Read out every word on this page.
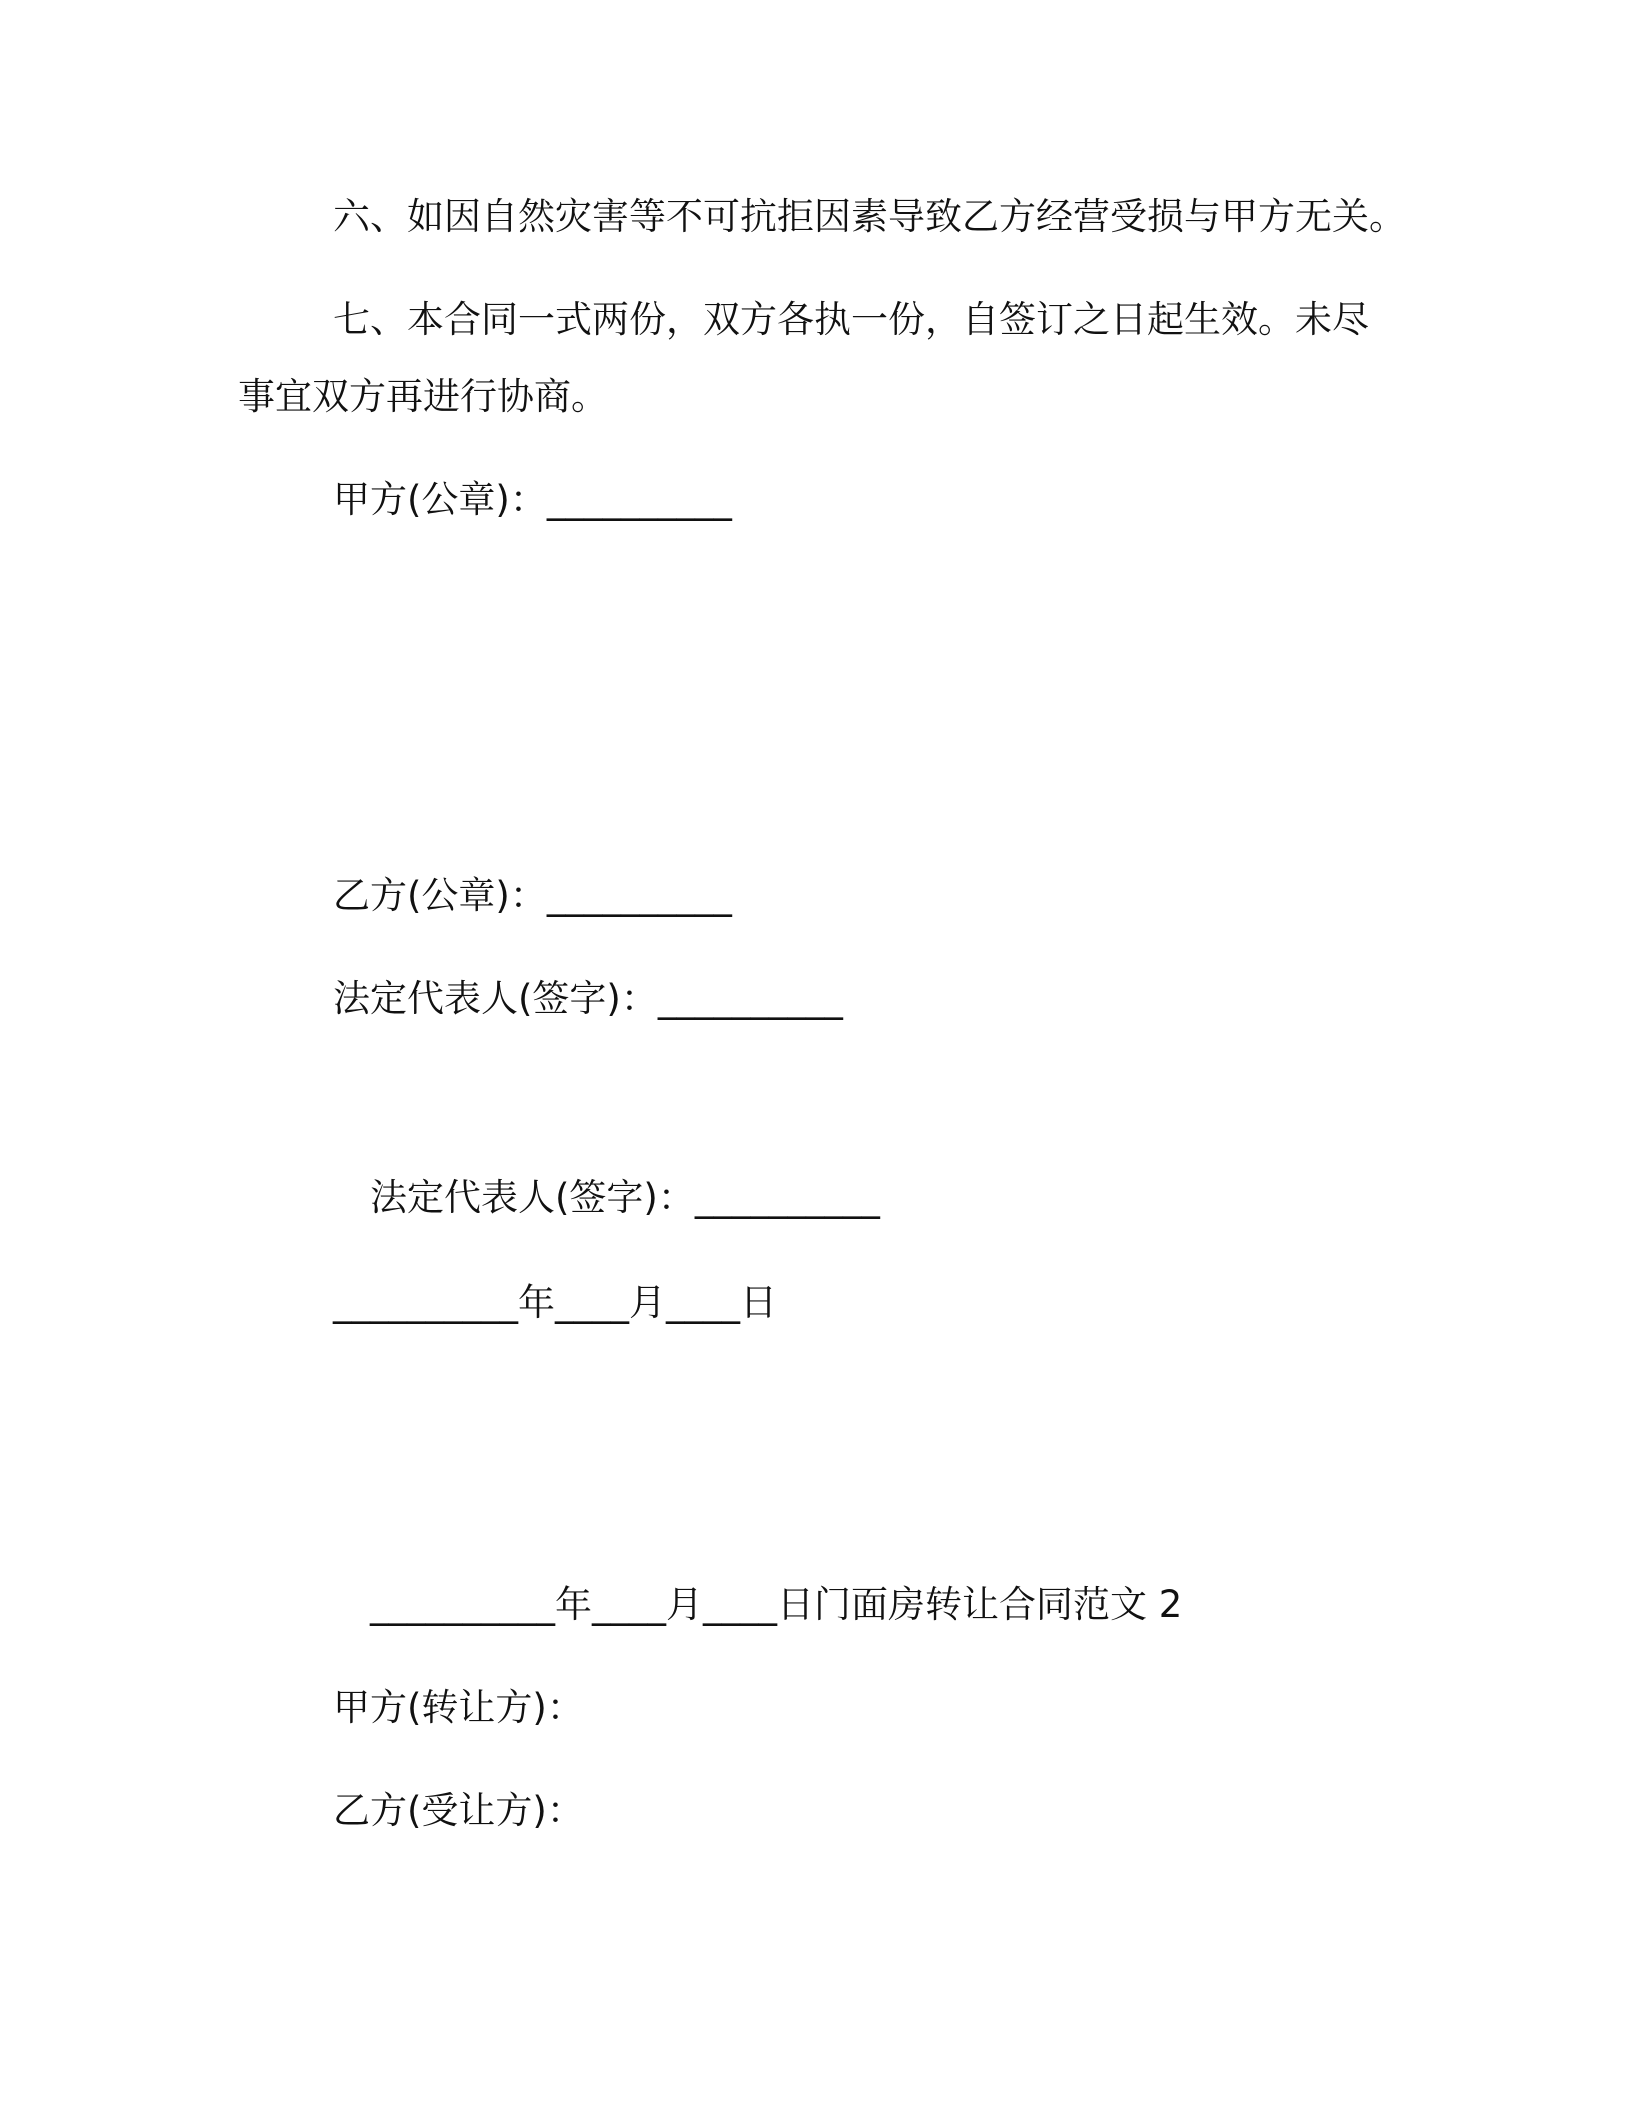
六、如因自然灾害等不可抗拒因素导致乙方经营受损与甲方无关。
七、本合同一式两份，双方各执一份，自签订之日起生效。未尽
事宜双方再进行协商。
甲方(公章)：__________
乙方(公章)：__________
法定代表人(签字)：__________
法定代表人(签字)：__________
__________年____月____日
__________年____月____日门面房转让合同范文 2
甲方(转让方)：
乙方(受让方)：
